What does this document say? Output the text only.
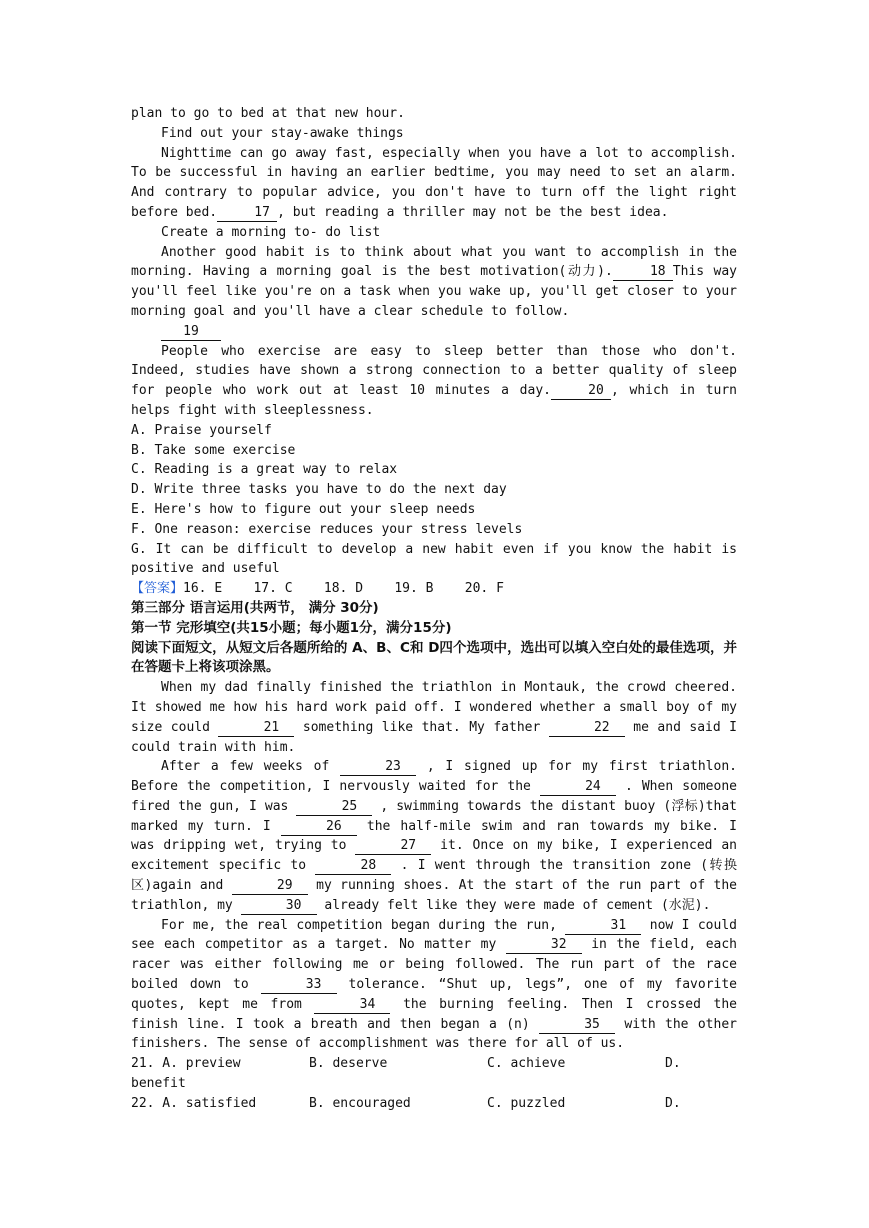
plan to go to bed at that new hour.

Find out your stay-awake things

Nighttime can go away fast, especially when you have a lot to accomplish. To be successful in having an earlier bedtime, you may need to set an alarm. And contrary to popular advice, you don't have to turn off the light right before bed.	17 , but reading a thriller may not be the best idea.

Create a morning to- do list

Another good habit is to think about what you want to accomplish in the morning. Having a morning goal is the best motivation(动力).	18 This way you'll feel like you're on a task when you wake up, you'll get closer to your morning goal and you'll have a clear schedule to follow.

19

People who exercise are easy to sleep better than those who don't. Indeed, studies have shown a strong connection to a better quality of sleep for people who work out at least 10 minutes a day.	20 , which in turn helps fight with sleeplessness.

A. Praise yourself

B. Take some exercise

C. Reading is a great way to relax

D. Write three tasks you have to do the next day

E. Here's how to figure out your sleep needs

F. One reason: exercise reduces your stress levels

G. It can be difficult to develop a new habit even if you know the habit is positive and useful

【答案】16. E    17. C    18. D    19. B    20. F

第三部分 语言运用(共两节， 满分 30分)

第一节 完形填空(共15小题；每小题1分，满分15分)

阅读下面短文，从短文后各题所给的 A、B、C和 D四个选项中，选出可以填入空白处的最佳选项，并在答题卡上将该项涂黑。

When my dad finally finished the triathlon in Montauk, the crowd cheered. It showed me how his hard work paid off. I wondered whether a small boy of my size could	21 something like that. My father	22 me and said I could train with him.

After a few weeks of	23 , I signed up for my first triathlon. Before the competition, I nervously waited for the	24 . When someone fired the gun, I was	25 , swimming towards the distant buoy (浮标)that marked my turn. I	26 the half-mile swim and ran towards my bike. I was dripping wet, trying to	27 it. Once on my bike, I experienced an excitement specific to	28 . I went through the transition zone (转换区)again and	29 my running shoes. At the start of the run part of the triathlon, my	30 already felt like they were made of cement (水泥).

For me, the real competition began during the run,	31 now I could see each competitor as a target. No matter my	32 in the field, each racer was either following me or being followed. The run part of the race boiled down to	33 tolerance. “Shut up, legs”, one of my favorite quotes, kept me from	34 the burning feeling. Then I crossed the finish line. I took a breath and then began a (n)	35 with the other finishers. The sense of accomplishment was there for all of us.

21. A. preview	B. deserve	C. achieve	D.

benefit

22. A. satisfied	B. encouraged	C. puzzled	D.
